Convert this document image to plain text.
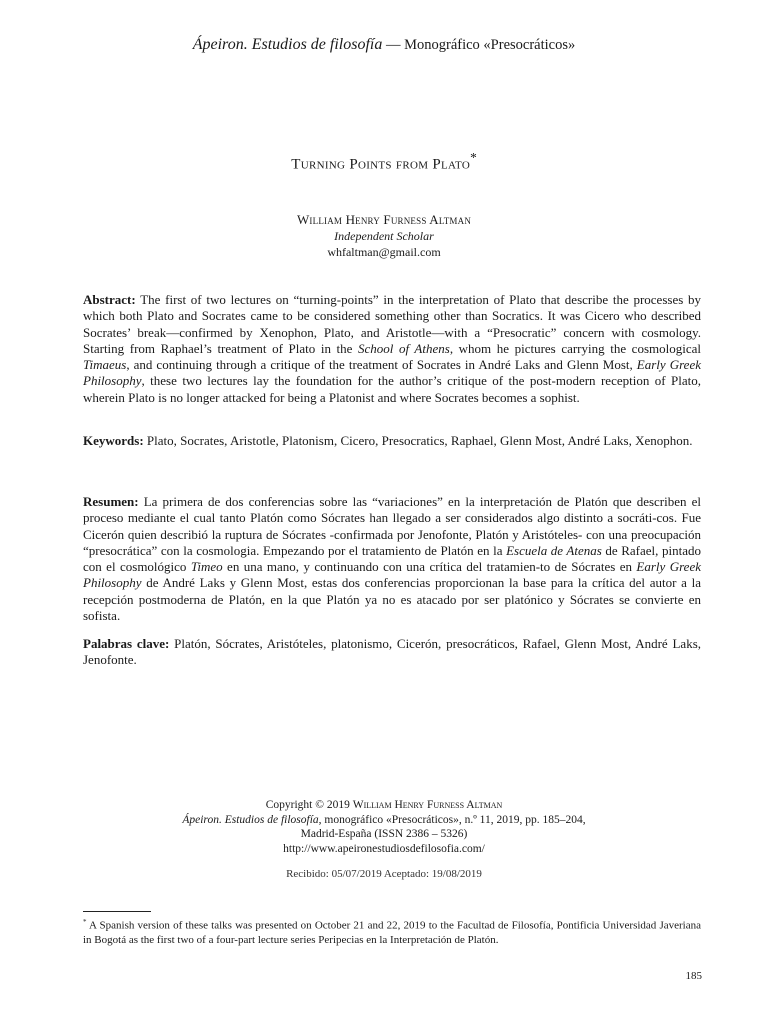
Ápeiron. Estudios de filosofía — Monográfico «Presocráticos»
Turning Points from Plato*
William Henry Furness Altman
Independent Scholar
whfaltman@gmail.com
Abstract: The first of two lectures on “turning-points” in the interpretation of Plato that describe the processes by which both Plato and Socrates came to be considered something other than Socratics. It was Cicero who described Socrates’ break—confirmed by Xenophon, Plato, and Aristotle—with a “Presocratic” concern with cosmology. Starting from Raphael’s treatment of Plato in the School of Athens, whom he pictures carrying the cosmological Timaeus, and continuing through a critique of the treatment of Socrates in André Laks and Glenn Most, Early Greek Philosophy, these two lectures lay the foundation for the author’s critique of the post-modern reception of Plato, wherein Plato is no longer attacked for being a Platonist and where Socrates becomes a sophist.
Keywords: Plato, Socrates, Aristotle, Platonism, Cicero, Presocratics, Raphael, Glenn Most, André Laks, Xenophon.
Resumen: La primera de dos conferencias sobre las “variaciones” en la interpretación de Platón que describen el proceso mediante el cual tanto Platón como Sócrates han llegado a ser considerados algo distinto a socráti-cos. Fue Cicerón quien describió la ruptura de Sócrates -confirmada por Jenofonte, Platón y Aristóteles- con una preocupación “presocrática” con la cosmologia. Empezando por el tratamiento de Platón en la Escuela de Atenas de Rafael, pintado con el cosmológico Timeo en una mano, y continuando con una crítica del tratamien-to de Sócrates en Early Greek Philosophy de André Laks y Glenn Most, estas dos conferencias proporcionan la base para la crítica del autor a la recepción postmoderna de Platón, en la que Platón ya no es atacado por ser platónico y Sócrates se convierte en sofista.
Palabras clave: Platón, Sócrates, Aristóteles, platonismo, Cicerón, presocráticos, Rafael, Glenn Most, André Laks, Jenofonte.
Copyright © 2019 William Henry Furness Altman
Ápeiron. Estudios de filosofía, monográfico «Presocráticos», n.º 11, 2019, pp. 185–204,
Madrid-España (ISSN 2386 – 5326)
http://www.apeironestudiosdefilosofia.com/
Recibido: 05/07/2019 Aceptado: 19/08/2019
* A Spanish version of these talks was presented on October 21 and 22, 2019 to the Facultad de Filosofía, Pontificia Universidad Javeriana in Bogotá as the first two of a four-part lecture series Peripecias en la Interpretación de Platón.
185
